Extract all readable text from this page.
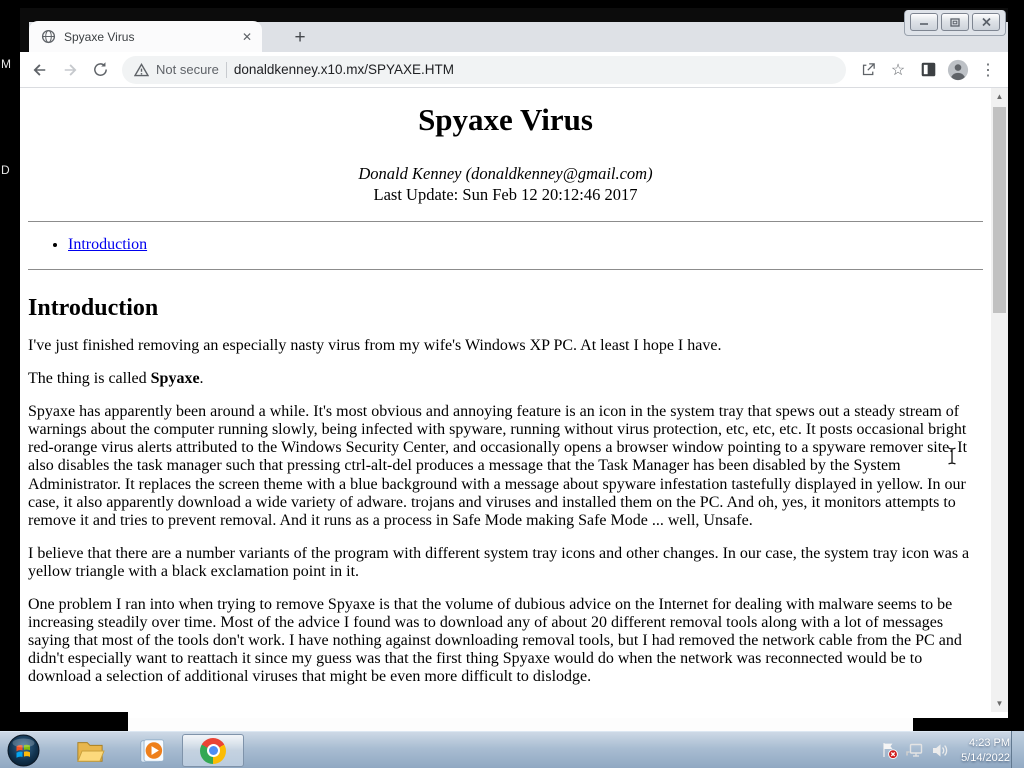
M
D
Spyaxe Virus	✕	+
Not secure donaldkenney.x10.mx/SPYAXE.HTM	☆	⋮
Spyaxe Virus
Donald Kenney (donaldkenney@gmail.com)
Last Update: Sun Feb 12 20:12:46 2017
• Introduction
Introduction

I've just finished removing an especially nasty virus from my wife's Windows XP PC. At least I hope I have.

The thing is called Spyaxe.

Spyaxe has apparently been around a while. It's most obvious and annoying feature is an icon in the system tray that spews out a steady stream of warnings about the computer running slowly, being infected with spyware, running without virus protection, etc, etc, etc. It posts occasional bright red-orange virus alerts attributed to the Windows Security Center, and occasionally opens a browser window pointing to a spyware remover site. It also disables the task manager such that pressing ctrl-alt-del produces a message that the Task Manager has been disabled by the System Administrator. It replaces the screen theme with a blue background with a message about spyware infestation tastefully displayed in yellow. In our case, it also apparently download a wide variety of adware. trojans and viruses and installed them on the PC. And oh, yes, it monitors attempts to remove it and tries to prevent removal. And it runs as a process in Safe Mode making Safe Mode ... well, Unsafe.

I believe that there are a number variants of the program with different system tray icons and other changes. In our case, the system tray icon was a yellow triangle with a black exclamation point in it.

One problem I ran into when trying to remove Spyaxe is that the volume of dubious advice on the Internet for dealing with malware seems to be increasing steadily over time. Most of the advice I found was to download any of about 20 different removal tools along with a lot of messages saying that most of the tools don't work. I have nothing against downloading removal tools, but I had removed the network cable from the PC and didn't especially want to reattach it since my guess was that the first thing Spyaxe would do when the network was reconnected would be to download a selection of additional viruses that might be even more difficult to dislodge.

▲
▼
4:23 PM
5/14/2022
